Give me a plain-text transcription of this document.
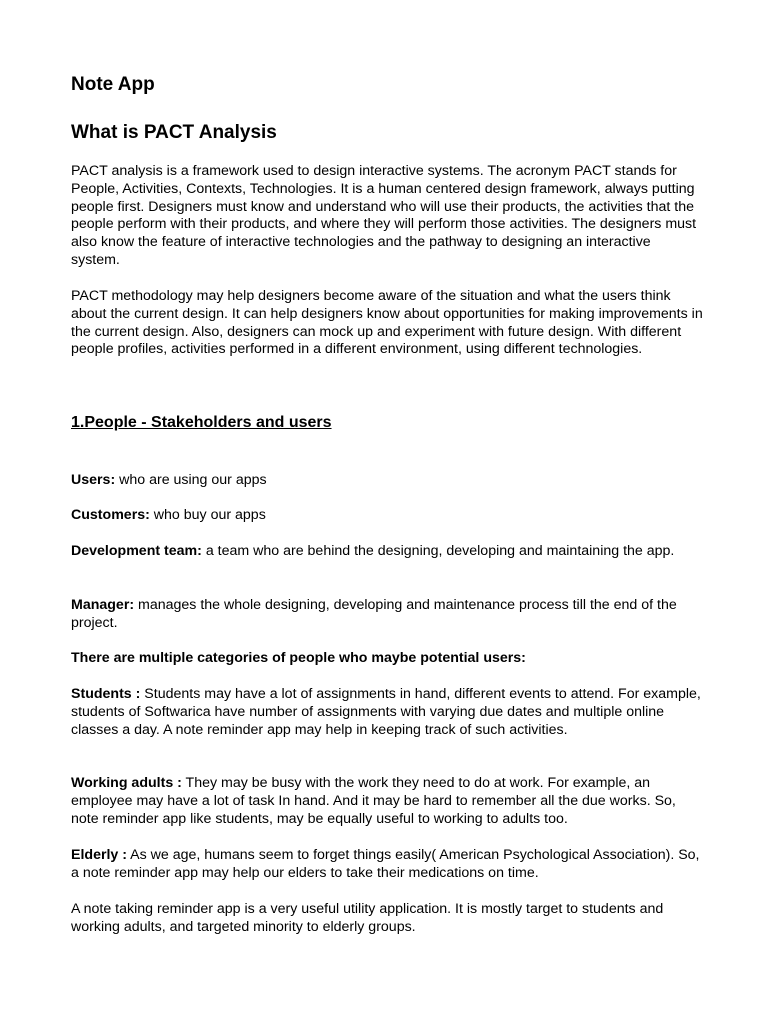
Note App
What is PACT Analysis
PACT analysis is a framework used to design interactive systems. The acronym PACT stands for People, Activities, Contexts, Technologies. It is a human centered design framework, always putting people first. Designers must know and understand who will use their products, the activities that the people perform with their products, and where they will perform those activities. The designers must also know the feature of interactive technologies and the pathway to designing an interactive system.
PACT methodology may help designers become aware of the situation and what the users think about the current design. It can help designers know about opportunities for making improvements in the current design. Also, designers can mock up and experiment with future design. With different people profiles, activities performed in a different environment, using different technologies.
1.People - Stakeholders and users
Users: who are using our apps
Customers: who buy our apps
Development team: a team who are behind the designing, developing and maintaining the app.
Manager: manages the whole designing, developing and maintenance process till the end of the project.
There are multiple categories of people who maybe potential users:
Students : Students may have a lot of assignments in hand, different events to attend. For example, students of Softwarica have number of assignments with varying due dates and multiple online classes a day. A note reminder app may help in keeping track of such activities.
Working adults : They may be busy with the work they need to do at work. For example, an employee may have a lot of task In hand. And it may be hard to remember all the due works. So, note reminder app like students, may be equally useful to working to adults too.
Elderly : As we age, humans seem to forget things easily( American Psychological Association). So, a note reminder app may help our elders to take their medications on time.
A note taking reminder app is a very useful utility application. It is mostly target to students and working adults, and targeted minority to elderly groups.
